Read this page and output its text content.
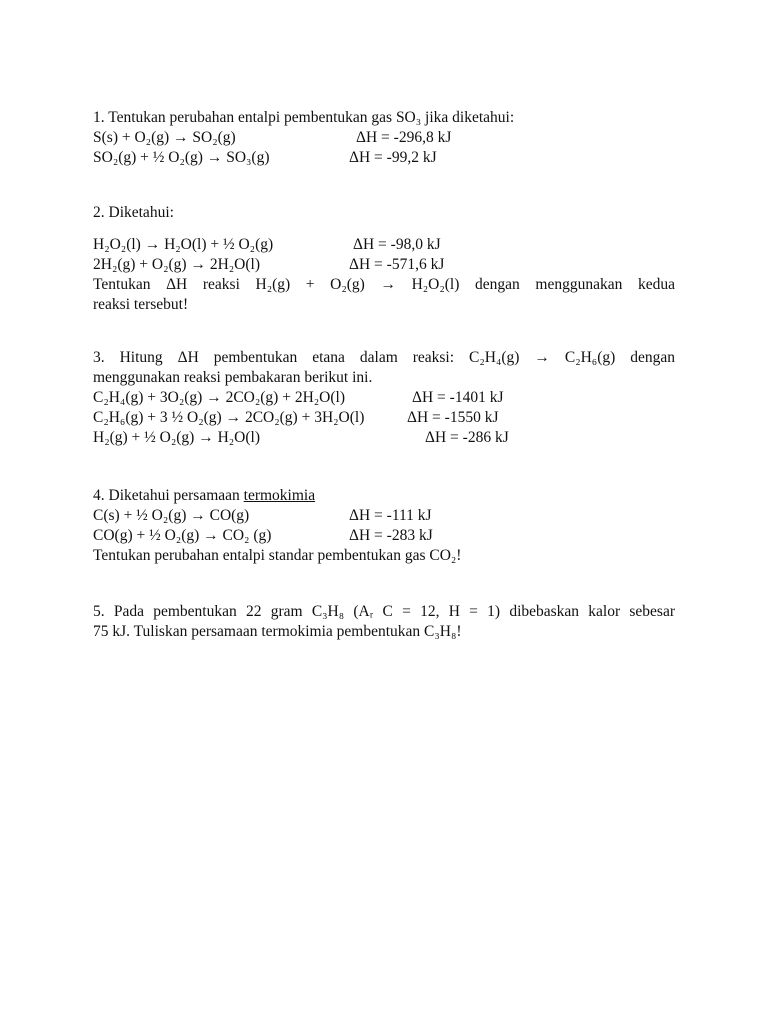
1. Tentukan perubahan entalpi pembentukan gas SO₃ jika diketahui:
S(s) + O₂(g) → SO₂(g)	ΔH = -296,8 kJ
SO₂(g) + ½ O₂(g) → SO₃(g)	ΔH = -99,2 kJ
2. Diketahui:
H₂O₂(l) → H₂O(l) + ½ O₂(g)	ΔH = -98,0 kJ
2H₂(g) + O₂(g) → 2H₂O(l)	ΔH = -571,6 kJ
Tentukan ΔH reaksi H₂(g) + O₂(g) → H₂O₂(l) dengan menggunakan kedua
reaksi tersebut!
3. Hitung ΔH pembentukan etana dalam reaksi: C₂H₄(g) → C₂H₆(g) dengan
menggunakan reaksi pembakaran berikut ini.
C₂H₄(g) + 3O₂(g) → 2CO₂(g) + 2H₂O(l)	ΔH = -1401 kJ
C₂H₆(g) + 3 ½ O₂(g) → 2CO₂(g) + 3H₂O(l)	ΔH = -1550 kJ
H₂(g) + ½ O₂(g) → H₂O(l)	ΔH = -286 kJ
4. Diketahui persamaan termokimia
C(s) + ½ O₂(g) → CO(g)	ΔH = -111 kJ
CO(g) + ½ O₂(g) → CO₂ (g)	ΔH = -283 kJ
Tentukan perubahan entalpi standar pembentukan gas CO₂!
5. Pada pembentukan 22 gram C₃H₈ (Aᵣ C = 12, H = 1) dibebaskan kalor sebesar
75 kJ. Tuliskan persamaan termokimia pembentukan C₃H₈!
